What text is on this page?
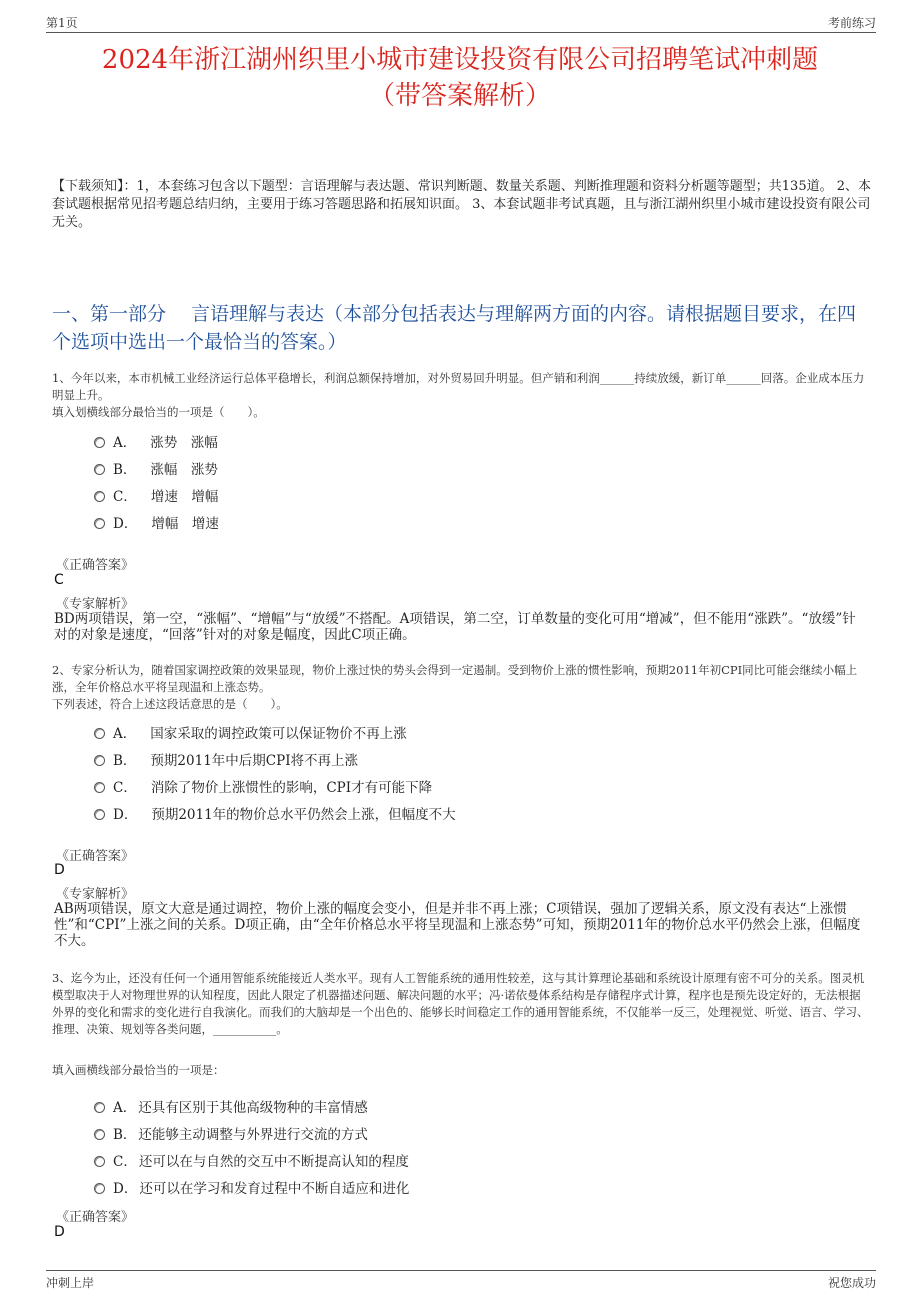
第1页	考前练习
2024年浙江湖州织里小城市建设投资有限公司招聘笔试冲刺题
（带答案解析）
【下载须知】：1，本套练习包含以下题型：言语理解与表达题、常识判断题、数量关系题、判断推理题和资料分析题等题型；共135道。 2、本套试题根据常见招考题总结归纳，主要用于练习答题思路和拓展知识面。 3、本套试题非考试真题，且与浙江湖州织里小城市建设投资有限公司无关。
一、第一部分　 言语理解与表达（本部分包括表达与理解两方面的内容。请根据题目要求，在四个选项中选出一个最恰当的答案。）
1、今年以来，本市机械工业经济运行总体平稳增长，利润总额保持增加，对外贸易回升明显。但产销和利润______持续放缓，新订单______回落。企业成本压力明显上升。
填入划横线部分最恰当的一项是（　　）。
A． 涨势　涨幅
B． 涨幅　涨势
C． 增速　增幅
D． 增幅　增速
《正确答案》
C
《专家解析》
BD两项错误，第一空，“涨幅”、“增幅”与“放缓”不搭配。A项错误，第二空，订单数量的变化可用“增减”，但不能用“涨跌”。“放缓”针对的对象是速度，“回落”针对的对象是幅度，因此C项正确。
2、专家分析认为，随着国家调控政策的效果显现，物价上涨过快的势头会得到一定遏制。受到物价上涨的惯性影响，预期2011年初CPI同比可能会继续小幅上涨，全年价格总水平将呈现温和上涨态势。
下列表述，符合上述这段话意思的是（　　）。
A． 国家采取的调控政策可以保证物价不再上涨
B． 预期2011年中后期CPI将不再上涨
C． 消除了物价上涨惯性的影响，CPI才有可能下降
D． 预期2011年的物价总水平仍然会上涨，但幅度不大
《正确答案》
D
《专家解析》
AB两项错误，原文大意是通过调控，物价上涨的幅度会变小，但是并非不再上涨；C项错误，强加了逻辑关系，原文没有表达“上涨惯性”和“CPI”上涨之间的关系。D项正确，由“全年价格总水平将呈现温和上涨态势”可知，预期2011年的物价总水平仍然会上涨，但幅度不大。
3、迄今为止，还没有任何一个通用智能系统能接近人类水平。现有人工智能系统的通用性较差，这与其计算理论基础和系统设计原理有密不可分的关系。图灵机模型取决于人对物理世界的认知程度，因此人限定了机器描述问题、解决问题的水平；冯·诺依曼体系结构是存储程序式计算，程序也是预先设定好的，无法根据外界的变化和需求的变化进行自我演化。而我们的大脑却是一个出色的、能够长时间稳定工作的通用智能系统，不仅能举一反三，处理视觉、听觉、语言、学习、推理、决策、规划等各类问题，___________。
填入画横线部分最恰当的一项是：
A． 还具有区别于其他高级物种的丰富情感
B． 还能够主动调整与外界进行交流的方式
C． 还可以在与自然的交互中不断提高认知的程度
D． 还可以在学习和发育过程中不断自适应和进化
《正确答案》
D
冲刺上岸	祝您成功
